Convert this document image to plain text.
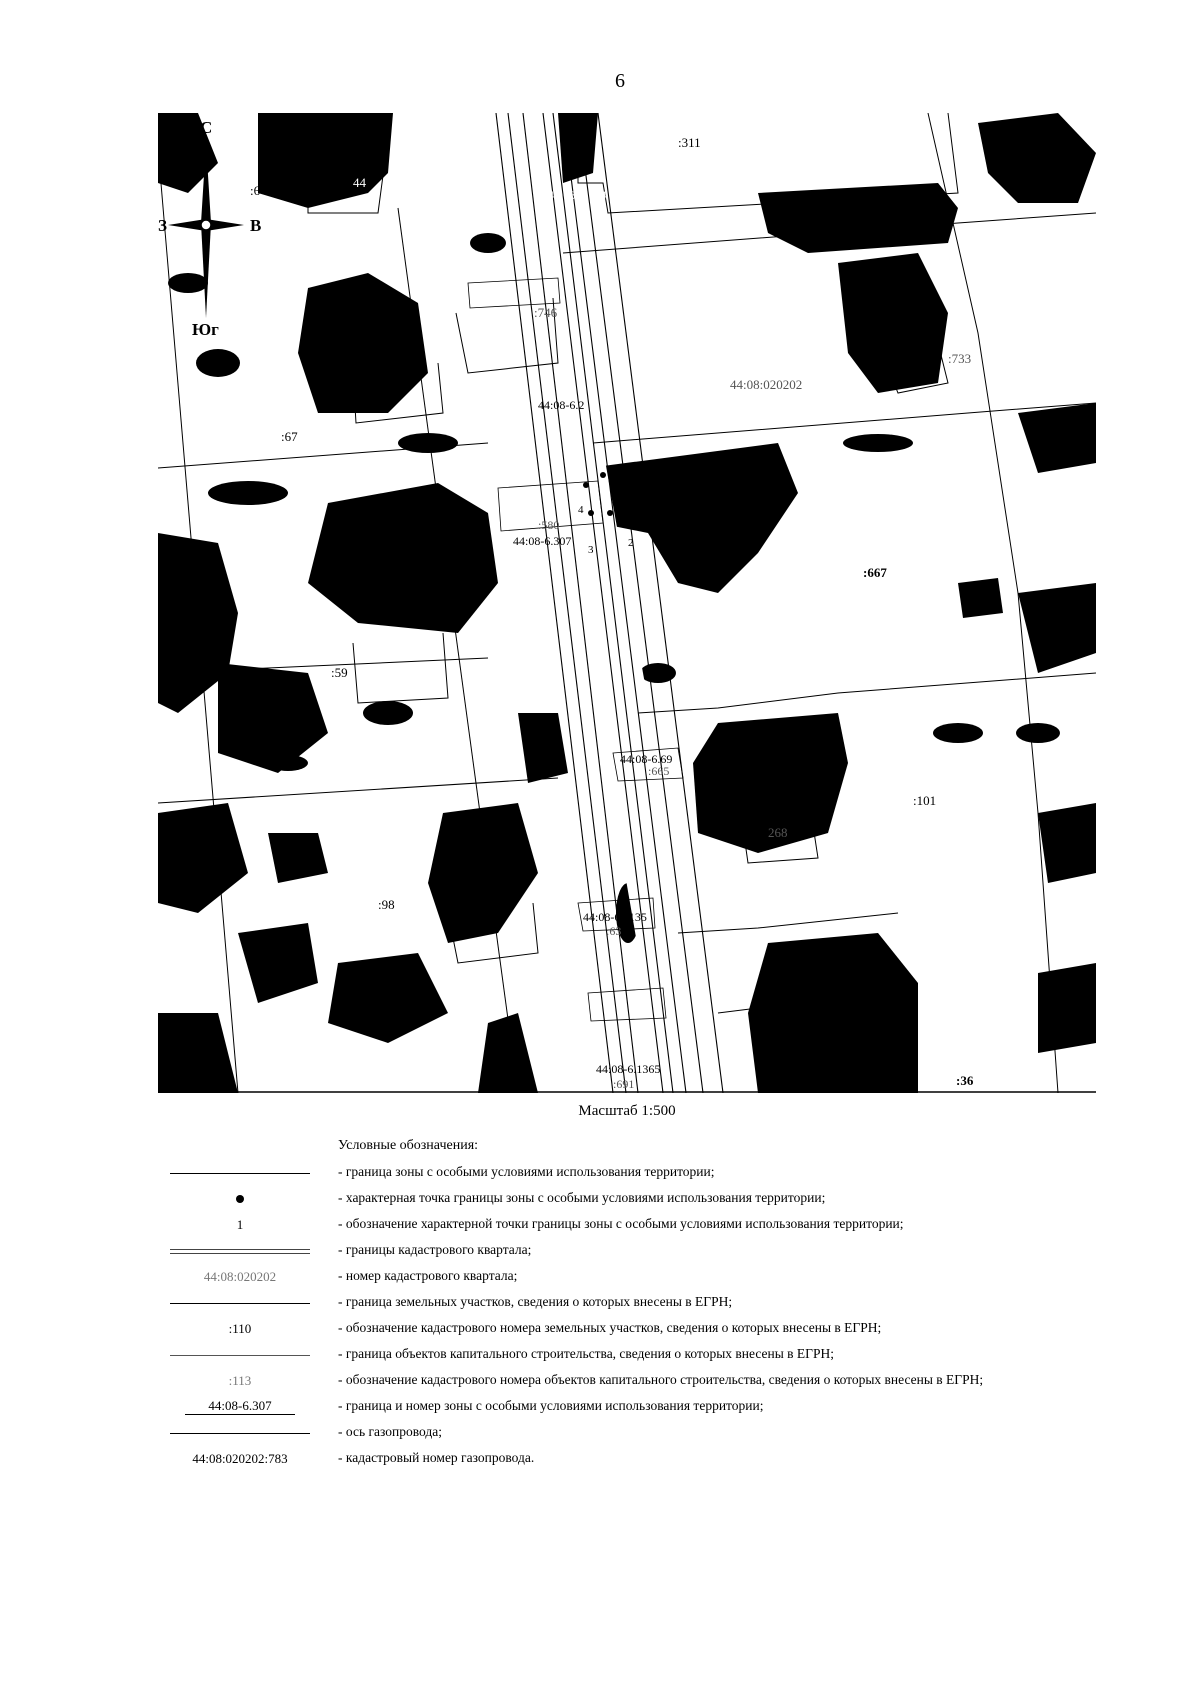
6
С
Юг
З	В
:6
44
:311
44:08-6.774
:746
:83
:733
44:08:020202
44:08-6.2
:67
1
2
3
4
:580
44:08-6.307
:667
:59
44:08-6.69
:665
:101
268
:98
44:08-6.1135
:63
44:08-6.1365
:691	:36
Масштаб 1:500
Условные обозначения:
- граница зоны с особыми условиями использования территории;
- характерная точка границы зоны с особыми условиями использования территории;
1	- обозначение характерной точки границы зоны с особыми условиями использования территории;
- границы кадастрового квартала;
44:08:020202	- номер кадастрового квартала;
- граница земельных участков, сведения о которых внесены в ЕГРН;
:110	- обозначение кадастрового номера земельных участков, сведения о которых внесены в ЕГРН;
- граница объектов капитального строительства, сведения о которых внесены в ЕГРН;
:113	- обозначение кадастрового номера объектов капитального строительства, сведения о которых внесены в ЕГРН;
44:08-6.307	- граница и номер зоны с особыми условиями использования территории;
- ось газопровода;
44:08:020202:783	- кадастровый номер газопровода.
